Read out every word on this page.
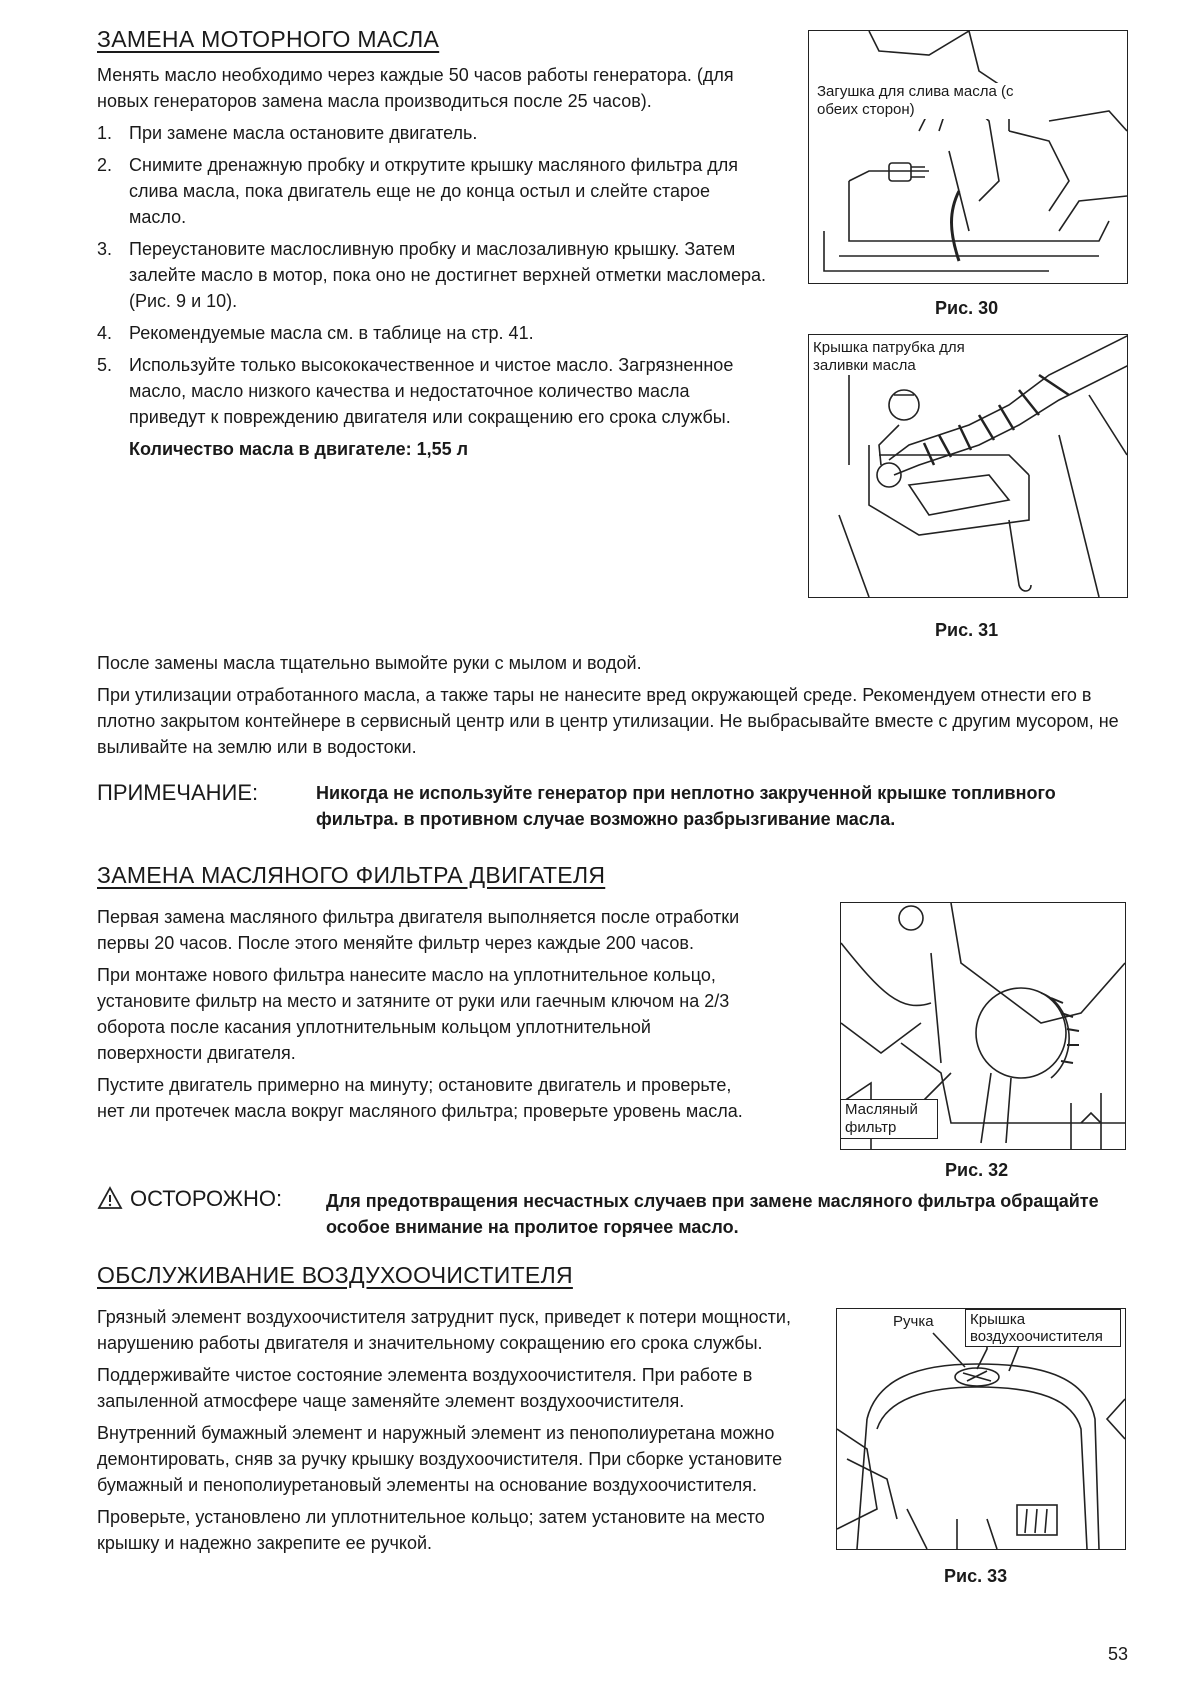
ЗАМЕНА МОТОРНОГО МАСЛА

Менять масло необходимо через каждые 50 часов работы генератора. (для новых генераторов замена масла производиться после 25 часов).

1. При замене масла остановите двигатель.
2. Снимите дренажную пробку и открутите крышку масляного фильтра для слива масла, пока двигатель еще не до конца остыл и слейте старое масло.
3. Переустановите маслосливную пробку и маслозаливную крышку. Затем залейте масло в мотор, пока оно не достигнет верхней отметки масломера. (Рис. 9 и 10).
4. Рекомендуемые масла см. в таблице на стр. 41.
5. Используйте только высококачественное и чистое масло. Загрязненное масло, масло низкого качества и недостаточное количество масла приведут к повреждению двигателя или сокращению его срока службы.

Количество масла в двигателе: 1,55 л

Загушка для слива масла (с обеих сторон)
Рис. 30
Крышка патрубка для заливки масла
Рис. 31

После замены масла тщательно вымойте руки с мылом и водой.

При утилизации отработанного масла, а также тары не нанесите вред окружающей среде. Рекомендуем отнести его в плотно закрытом контейнере в сервисный центр или в центр утилизации. Не выбрасывайте вместе с другим мусором, не выливайте на землю или в водостоки.

ПРИМЕЧАНИЕ:	Никогда не используйте генератор при неплотно закрученной крышке топливного фильтра. в противном случае возможно разбрызгивание масла.
ЗАМЕНА МАСЛЯНОГО ФИЛЬТРА ДВИГАТЕЛЯ

Первая замена масляного фильтра двигателя выполняется после отработки первы 20 часов. После этого меняйте фильтр через каждые 200 часов.

При монтаже нового фильтра нанесите масло на уплотнительное кольцо, установите фильтр на место и затяните от руки или гаечным ключом на 2/3 оборота после касания уплотнительным кольцом уплотнительной поверхности двигателя.

Пустите двигатель примерно на минуту; остановите двигатель и проверьте, нет ли протечек масла вокруг масляного фильтра; проверьте уровень масла.	Масляный фильтр
Рис. 32
ОСТОРОЖНО: Для предотвращения несчастных случаев при замене масляного фильтра обращайте особое внимание на пролитое горячее масло.
ОБСЛУЖИВАНИЕ ВОЗДУХООЧИСТИТЕЛЯ

Грязный элемент воздухоочистителя затруднит пуск, приведет к потери мощности, нарушению работы двигателя и значительному сокращению его срока службы.

Поддерживайте чистое состояние элемента воздухоочистителя. При работе в запыленной атмосфере чаще заменяйте элемент воздухоочистителя.

Внутренний бумажный элемент и наружный элемент из пенополиуретана можно демонтировать, сняв за ручку крышку воздухоочистителя. При сборке установите бумажный и пенополиуретановый элементы на основание воздухоочистителя.

Проверьте, установлено ли уплотнительное кольцо; затем установите на место крышку и надежно закрепите ее ручкой.

Ручка	Крышка воздухоочистителя
Рис. 33
53
